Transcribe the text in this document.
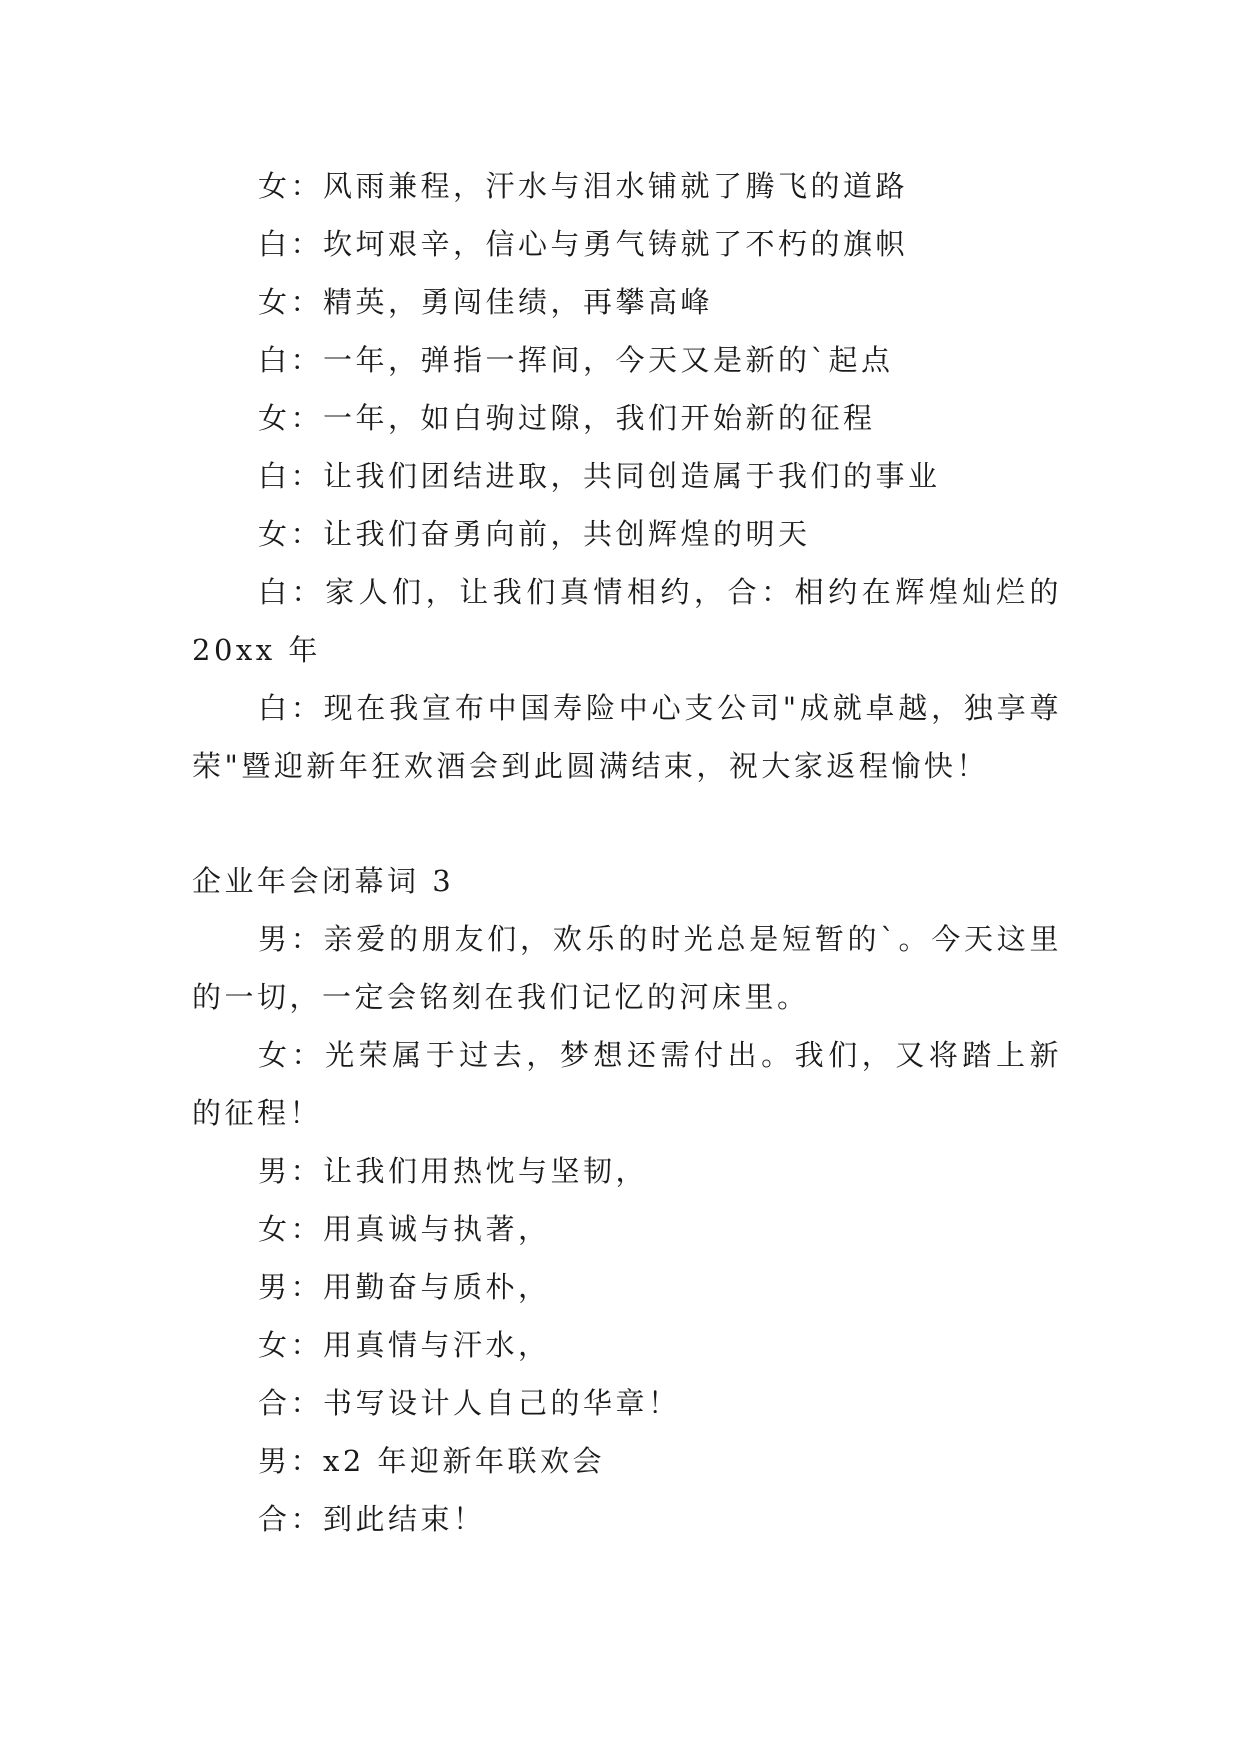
女：风雨兼程，汗水与泪水铺就了腾飞的道路

白：坎坷艰辛，信心与勇气铸就了不朽的旗帜

女：精英，勇闯佳绩，再攀高峰

白：一年，弹指一挥间，今天又是新的`起点

女：一年，如白驹过隙，我们开始新的征程

白：让我们团结进取，共同创造属于我们的事业

女：让我们奋勇向前，共创辉煌的明天

白：家人们，让我们真情相约，合：相约在辉煌灿烂的20xx 年

白：现在我宣布中国寿险中心支公司"成就卓越，独享尊荣"暨迎新年狂欢酒会到此圆满结束，祝大家返程愉快！

企业年会闭幕词 3

男：亲爱的朋友们，欢乐的时光总是短暂的`。今天这里的一切，一定会铭刻在我们记忆的河床里。

女：光荣属于过去，梦想还需付出。我们，又将踏上新的征程！

男：让我们用热忱与坚韧，

女：用真诚与执著，

男：用勤奋与质朴，

女：用真情与汗水，

合：书写设计人自己的华章！

男：x2 年迎新年联欢会

合：到此结束！
